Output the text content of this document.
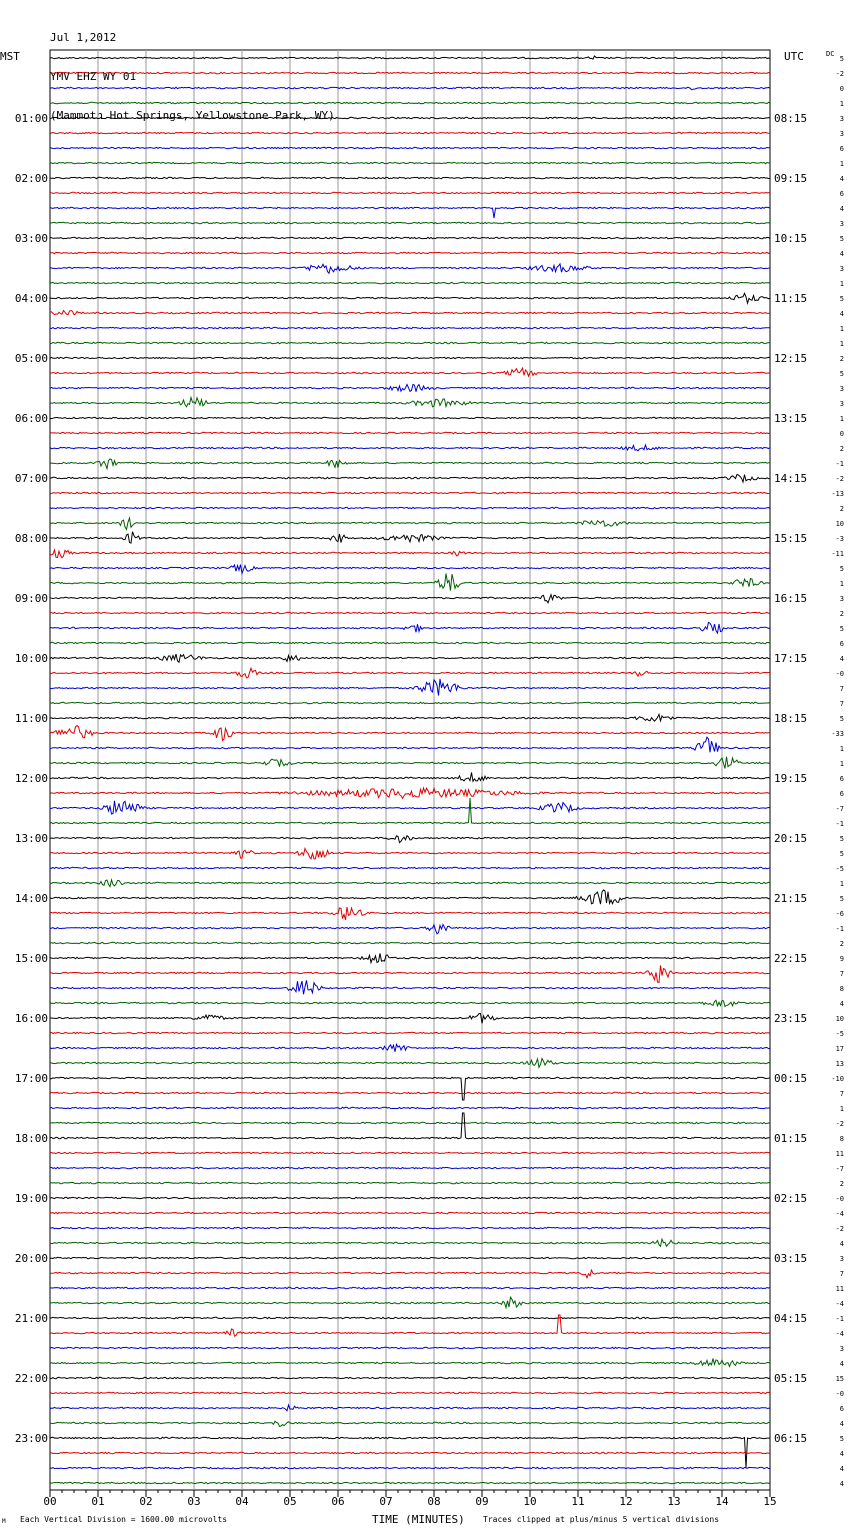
Jul 1,2012

YMV EHZ WY 01

(Mammoth Hot Springs, Yellowstone Park, WY)

MST	UTC	DC
00	01	02	03	04	05	06	07	08	09	10	11	12	13	14	15
01:00
02:00
03:00
04:00
05:00
06:00
07:00
08:00
09:00
10:00
11:00
12:00
13:00
14:00
15:00
16:00
17:00
18:00
19:00
20:00
21:00
22:00
23:00
08:15
09:15
10:15
11:15
12:15
13:15
14:15
15:15
16:15
17:15
18:15
19:15
20:15
21:15
22:15
23:15
00:15
01:15
02:15
03:15
04:15
05:15
06:15
5
-2
0
1
3
3
6
1
4
6
4
3
5
4
3
1
5
4
1
1
2
5
3
3
1
0
2
-1
-2
-13
2
10
-3
-11
5
1
3
2
5
6
4
-0
7
7
5
-33
1
1
6
6
-7
-1
5
5
-5
1
5
-6
-1
2
9
7
8
4
10
-5
17
13
-10
7
1
-2
8
11
-7
2
-0
-4
-2
4
3
7
11
-4
-1
-4
3
4
15
-0
6
4
5
4
4
4
TIME (MINUTES)
M Each Vertical Division = 1600.00 microvolts	Traces clipped at plus/minus 5 vertical divisions
